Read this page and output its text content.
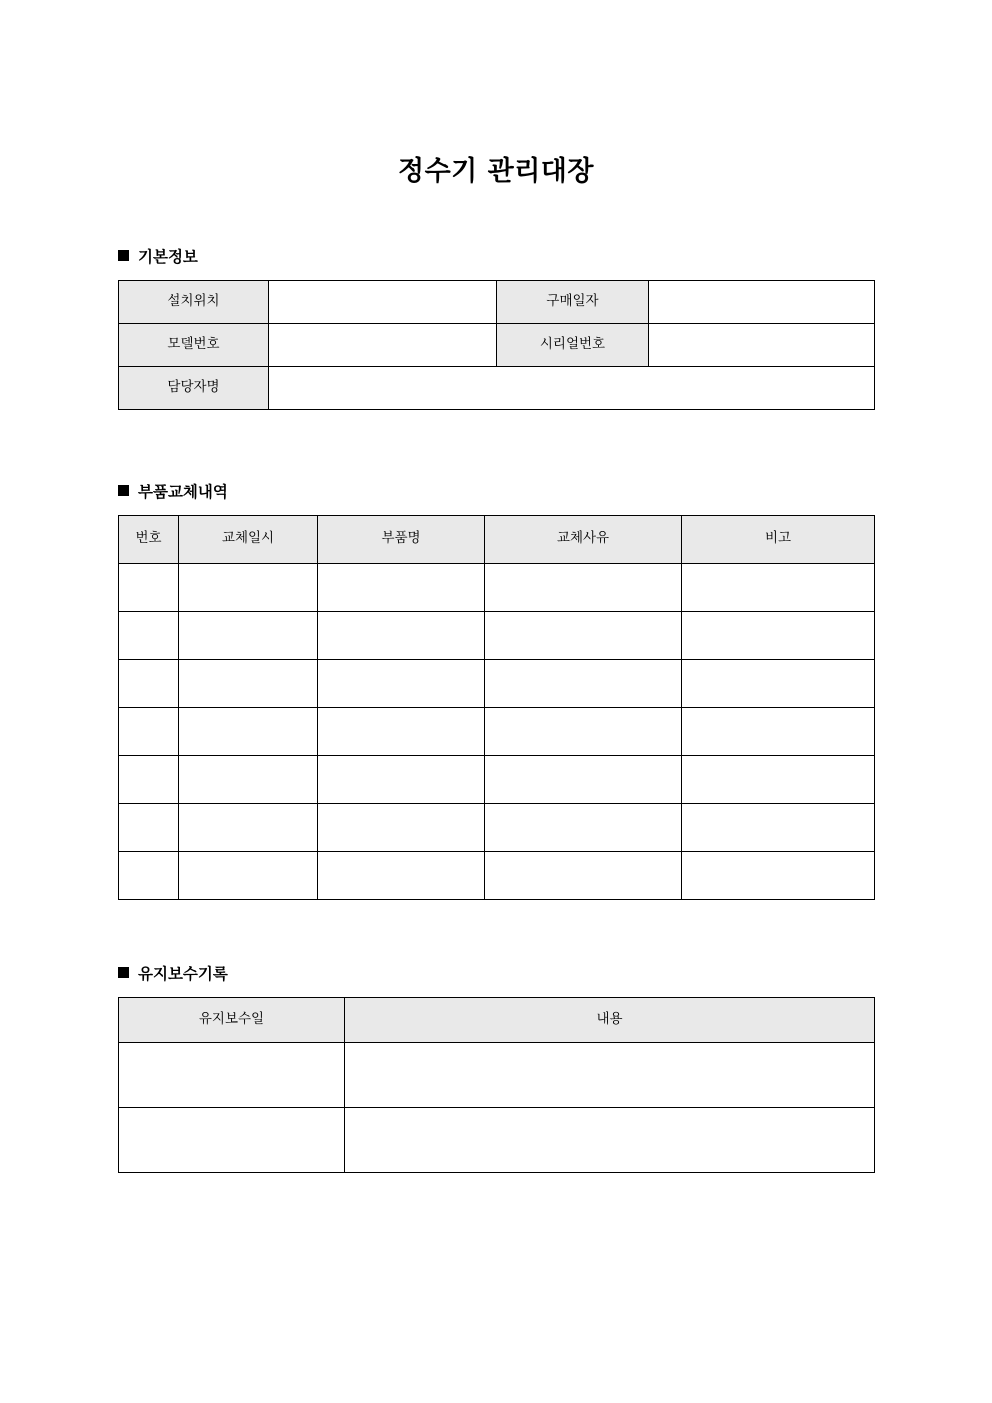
정수기 관리대장
기본정보
설치위치		구매일자	
모델번호		시리얼번호	
담당자명			
부품교체내역
번호	교체일시	부품명	교체사유	비고

유지보수기록
유지보수일	내용
